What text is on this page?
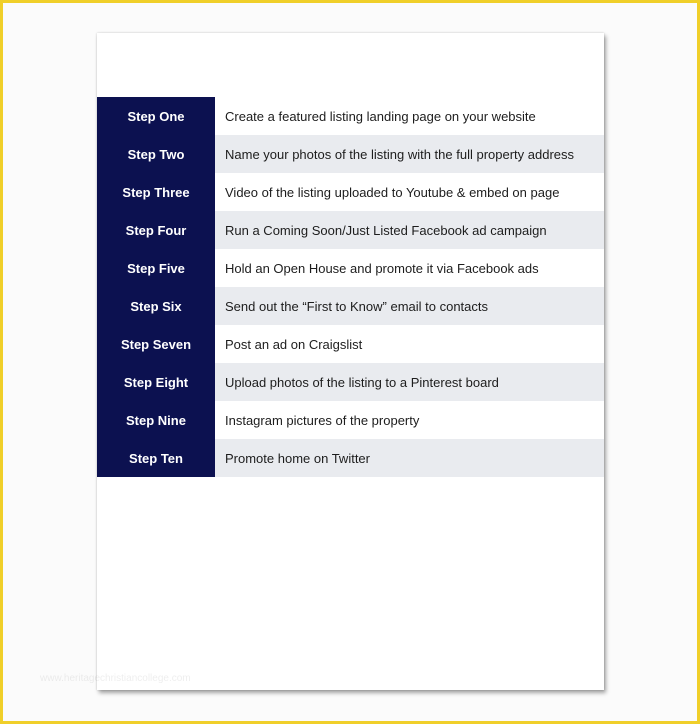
Step One	Create a featured listing landing page on your website
Step Two	Name your photos of the listing with the full property address
Step Three	Video of the listing uploaded to Youtube & embed on page
Step Four	Run a Coming Soon/Just Listed Facebook ad campaign
Step Five	Hold an Open House and promote it via Facebook ads
Step Six	Send out the “First to Know” email to contacts
Step Seven	Post an ad on Craigslist
Step Eight	Upload photos of the listing to a Pinterest board
Step Nine	Instagram pictures of the property
Step Ten	Promote home on Twitter
www.heritagechristiancollege.com
